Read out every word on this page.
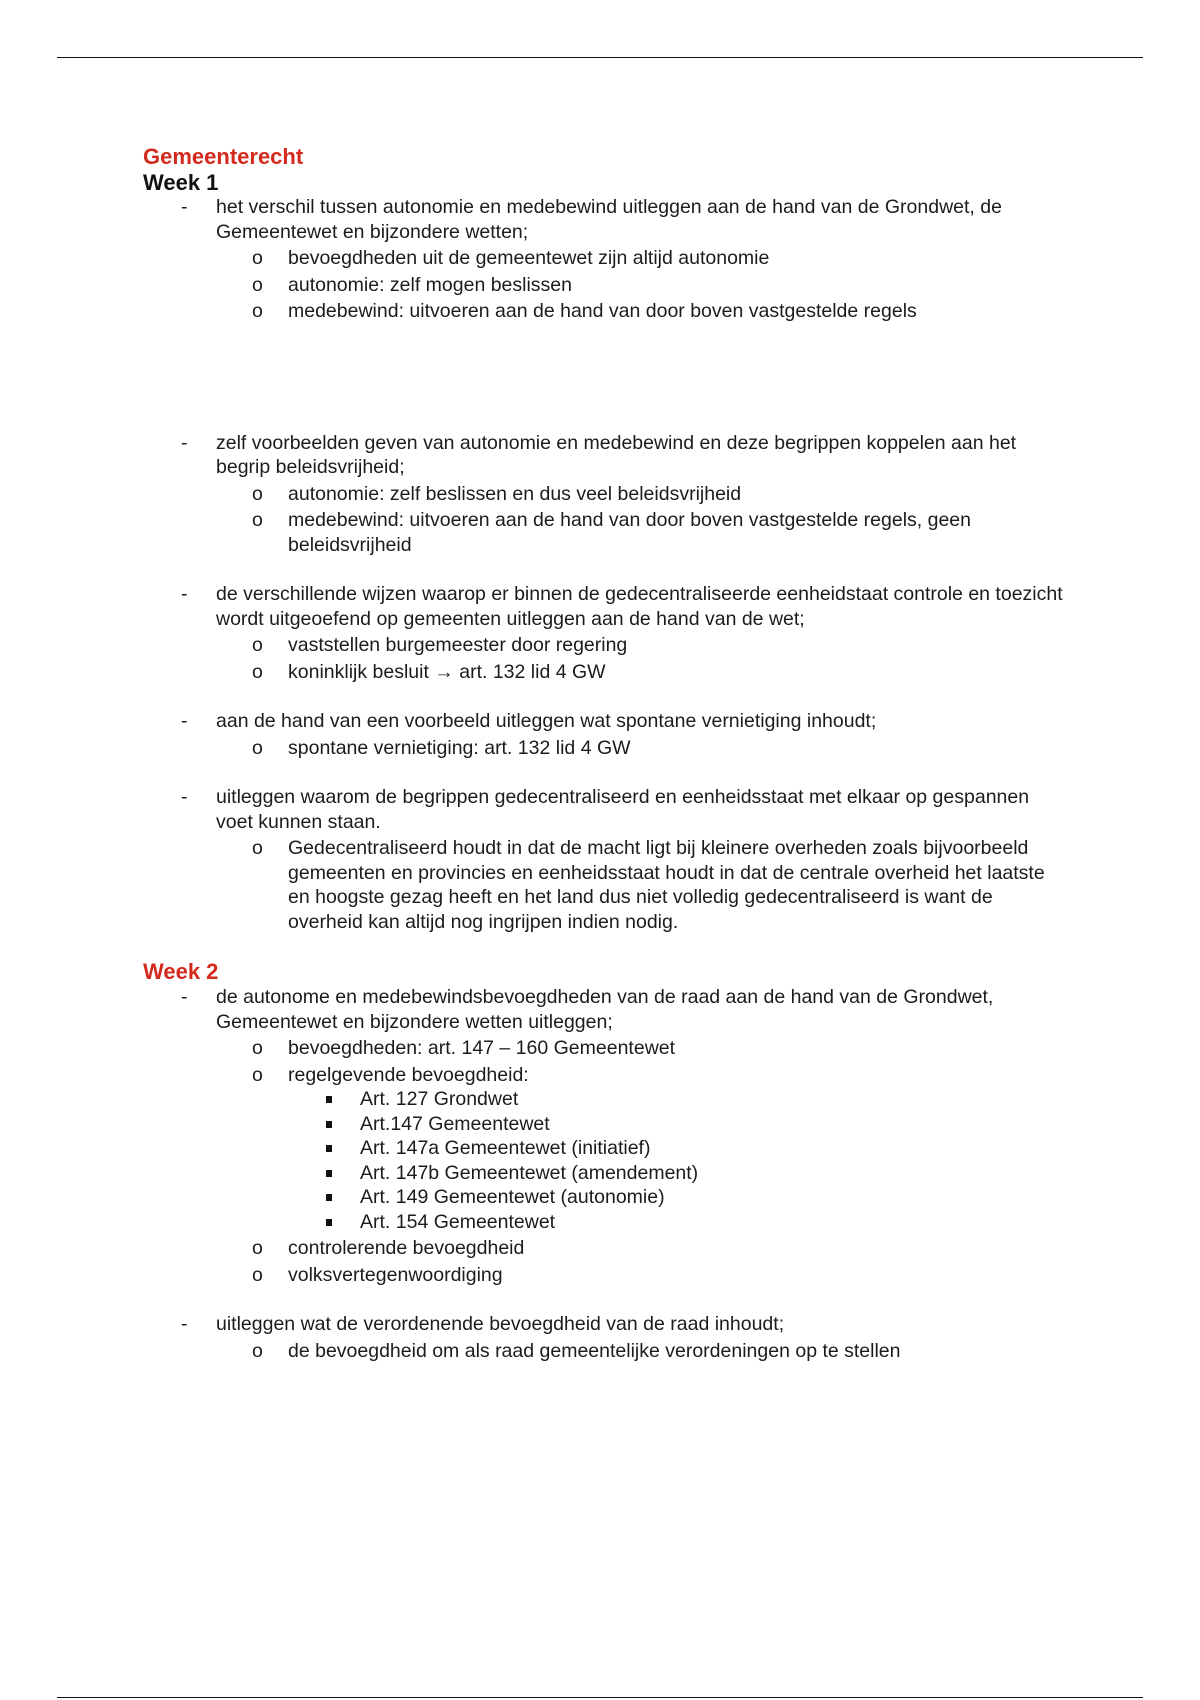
Gemeenterecht
Week 1
- het verschil tussen autonomie en medebewind uitleggen aan de hand van de Grondwet, de Gemeentewet en bijzondere wetten;
o bevoegdheden uit de gemeentewet zijn altijd autonomie
o autonomie: zelf mogen beslissen
o medebewind: uitvoeren aan de hand van door boven vastgestelde regels
- zelf voorbeelden geven van autonomie en medebewind en deze begrippen koppelen aan het begrip beleidsvrijheid;
o autonomie: zelf beslissen en dus veel beleidsvrijheid
o medebewind: uitvoeren aan de hand van door boven vastgestelde regels, geen beleidsvrijheid
- de verschillende wijzen waarop er binnen de gedecentraliseerde eenheidstaat controle en toezicht wordt uitgeoefend op gemeenten uitleggen aan de hand van de wet;
o vaststellen burgemeester door regering
o koninklijk besluit → art. 132 lid 4 GW
- aan de hand van een voorbeeld uitleggen wat spontane vernietiging inhoudt;
o spontane vernietiging: art. 132 lid 4 GW
- uitleggen waarom de begrippen gedecentraliseerd en eenheidsstaat met elkaar op gespannen voet kunnen staan.
o Gedecentraliseerd houdt in dat de macht ligt bij kleinere overheden zoals bijvoorbeeld gemeenten en provincies en eenheidsstaat houdt in dat de centrale overheid het laatste en hoogste gezag heeft en het land dus niet volledig gedecentraliseerd is want de overheid kan altijd nog ingrijpen indien nodig.
Week 2
- de autonome en medebewindsbevoegdheden van de raad aan de hand van de Grondwet, Gemeentewet en bijzondere wetten uitleggen;
o bevoegdheden: art. 147 – 160 Gemeentewet
o regelgevende bevoegdheid:
Art. 127 Grondwet
Art.147 Gemeentewet
Art. 147a Gemeentewet (initiatief)
Art. 147b Gemeentewet (amendement)
Art. 149 Gemeentewet (autonomie)
Art. 154 Gemeentewet
o controlerende bevoegdheid
o volksvertegenwoordiging
- uitleggen wat de verordenende bevoegdheid van de raad inhoudt;
o de bevoegdheid om als raad gemeentelijke verordeningen op te stellen
